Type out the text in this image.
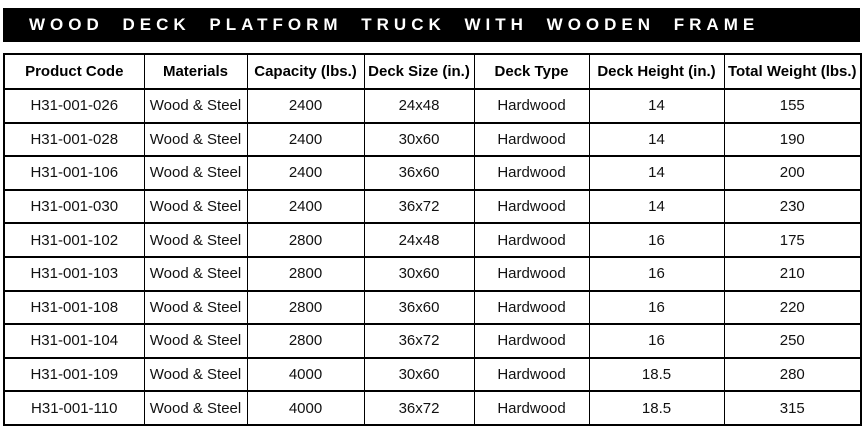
WOOD DECK PLATFORM TRUCK WITH WOODEN FRAME
Product Code	Materials	Capacity (lbs.)	Deck Size (in.)	Deck Type	Deck Height (in.)	Total Weight (lbs.)
H31-001-026	Wood & Steel	2400	24x48	Hardwood	14	155
H31-001-028	Wood & Steel	2400	30x60	Hardwood	14	190
H31-001-106	Wood & Steel	2400	36x60	Hardwood	14	200
H31-001-030	Wood & Steel	2400	36x72	Hardwood	14	230
H31-001-102	Wood & Steel	2800	24x48	Hardwood	16	175
H31-001-103	Wood & Steel	2800	30x60	Hardwood	16	210
H31-001-108	Wood & Steel	2800	36x60	Hardwood	16	220
H31-001-104	Wood & Steel	2800	36x72	Hardwood	16	250
H31-001-109	Wood & Steel	4000	30x60	Hardwood	18.5	280
H31-001-110	Wood & Steel	4000	36x72	Hardwood	18.5	315
